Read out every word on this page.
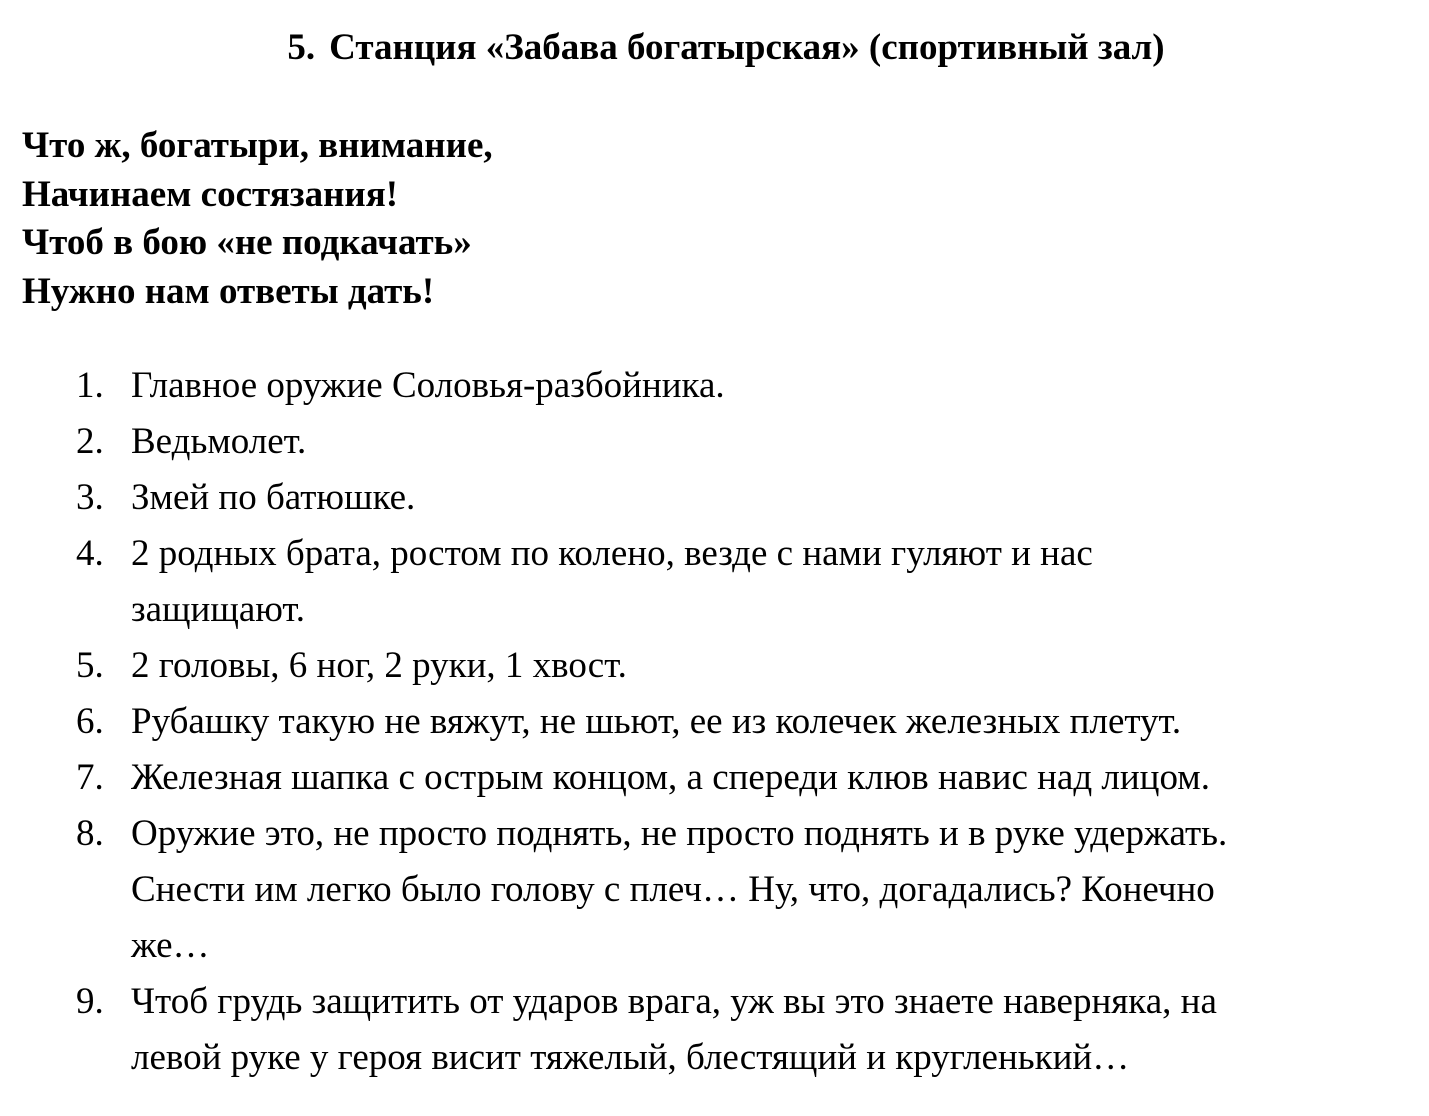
5. Станция «Забава богатырская» (спортивный зал)
Что ж, богатыри, внимание,
Начинаем состязания!
Чтоб в бою «не подкачать»
Нужно нам ответы дать!
1. Главное оружие Соловья-разбойника.
2. Ведьмолет.
3. Змей по батюшке.
4. 2 родных брата, ростом по колено, везде с нами гуляют и нас
защищают.
5. 2 головы, 6 ног, 2 руки, 1 хвост.
6. Рубашку такую не вяжут, не шьют, ее из колечек железных плетут.
7. Железная шапка с острым концом, а спереди клюв навис над лицом.
8. Оружие это, не просто поднять, не просто поднять и в руке удержать.
Снести им легко было голову с плеч… Ну, что, догадались? Конечно
же…
9. Чтоб грудь защитить от ударов врага, уж вы это знаете наверняка, на
левой руке у героя висит тяжелый, блестящий и кругленький…
